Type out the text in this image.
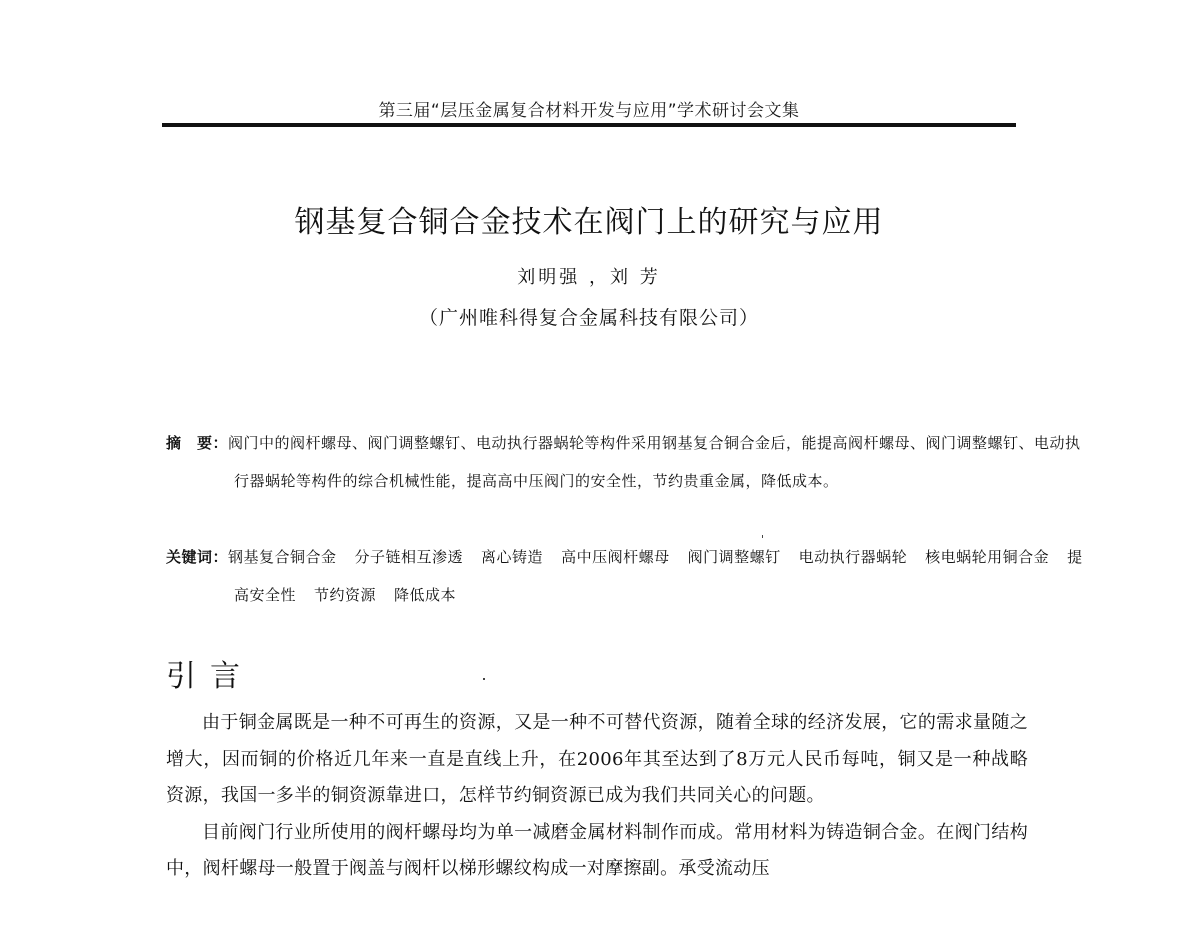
第三届“层压金属复合材料开发与应用”学术研讨会文集
钢基复合铜合金技术在阀门上的研究与应用
刘明强 ，刘 芳
（广州唯科得复合金属科技有限公司）
摘　要：阀门中的阀杆螺母、阀门调整螺钉、电动执行器蜗轮等构件采用钢基复合铜合金后，能提高阀杆螺母、阀门调整螺钉、电动执行器蜗轮等构件的综合机械性能，提高高中压阀门的安全性，节约贵重金属，降低成本。
关键词：钢基复合铜合金 分子链相互渗透 离心铸造 高中压阀杆螺母 阀门调整螺钉 电动执行器蜗轮 核电蜗轮用铜合金 提高安全性 节约资源 降低成本
引言

由于铜金属既是一种不可再生的资源，又是一种不可替代资源，随着全球的经济发展，它的需求量随之增大，因而铜的价格近几年来一直是直线上升，在2006年其至达到了8万元人民币每吨，铜又是一种战略资源，我国一多半的铜资源靠进口，怎样节约铜资源已成为我们共同关心的问题。

目前阀门行业所使用的阀杆螺母均为单一减磨金属材料制作而成。常用材料为铸造铜合金。在阀门结构中，阀杆螺母一般置于阀盖与阀杆以梯形螺纹构成一对摩擦副。承受流动压
